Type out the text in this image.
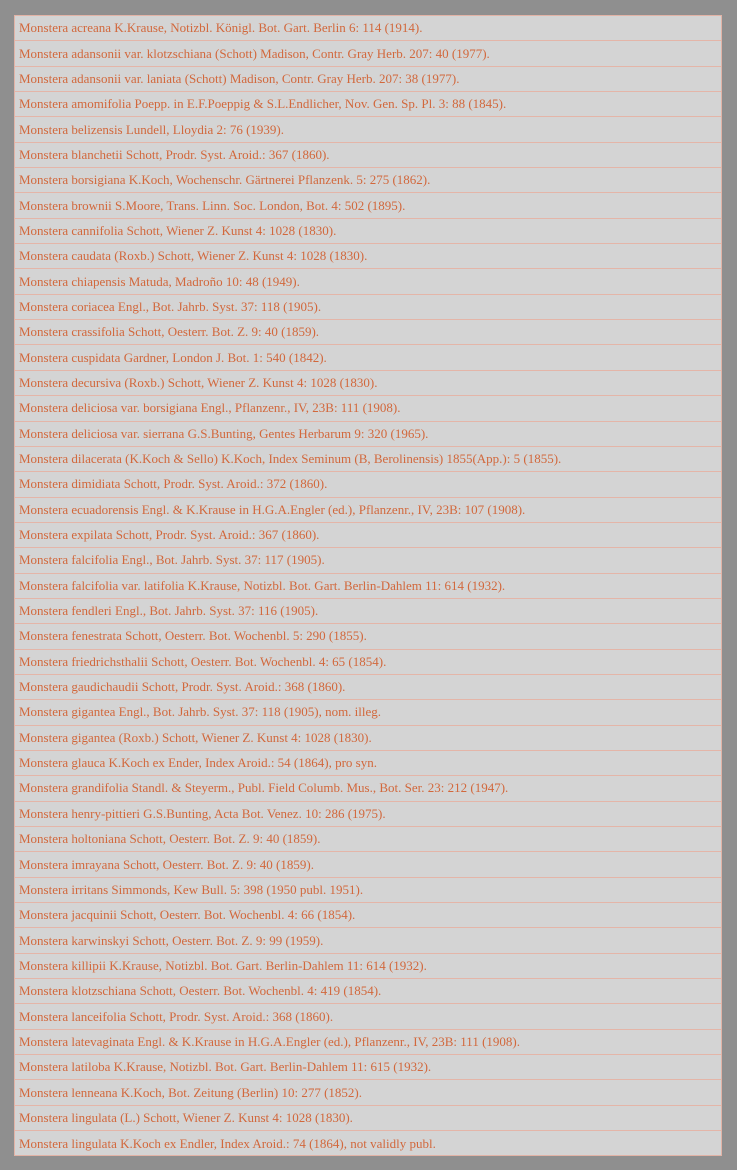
Monstera acreana K.Krause, Notizbl. Königl. Bot. Gart. Berlin 6: 114 (1914).
Monstera adansonii var. klotzschiana (Schott) Madison, Contr. Gray Herb. 207: 40 (1977).
Monstera adansonii var. laniata (Schott) Madison, Contr. Gray Herb. 207: 38 (1977).
Monstera amomifolia Poepp. in E.F.Poeppig & S.L.Endlicher, Nov. Gen. Sp. Pl. 3: 88 (1845).
Monstera belizensis Lundell, Lloydia 2: 76 (1939).
Monstera blanchetii Schott, Prodr. Syst. Aroid.: 367 (1860).
Monstera borsigiana K.Koch, Wochenschr. Gärtnerei Pflanzenk. 5: 275 (1862).
Monstera brownii S.Moore, Trans. Linn. Soc. London, Bot. 4: 502 (1895).
Monstera cannifolia Schott, Wiener Z. Kunst 4: 1028 (1830).
Monstera caudata (Roxb.) Schott, Wiener Z. Kunst 4: 1028 (1830).
Monstera chiapensis Matuda, Madroño 10: 48 (1949).
Monstera coriacea Engl., Bot. Jahrb. Syst. 37: 118 (1905).
Monstera crassifolia Schott, Oesterr. Bot. Z. 9: 40 (1859).
Monstera cuspidata Gardner, London J. Bot. 1: 540 (1842).
Monstera decursiva (Roxb.) Schott, Wiener Z. Kunst 4: 1028 (1830).
Monstera deliciosa var. borsigiana Engl., Pflanzenr., IV, 23B: 111 (1908).
Monstera deliciosa var. sierrana G.S.Bunting, Gentes Herbarum 9: 320 (1965).
Monstera dilacerata (K.Koch & Sello) K.Koch, Index Seminum (B, Berolinensis) 1855(App.): 5 (1855).
Monstera dimidiata Schott, Prodr. Syst. Aroid.: 372 (1860).
Monstera ecuadorensis Engl. & K.Krause in H.G.A.Engler (ed.), Pflanzenr., IV, 23B: 107 (1908).
Monstera expilata Schott, Prodr. Syst. Aroid.: 367 (1860).
Monstera falcifolia Engl., Bot. Jahrb. Syst. 37: 117 (1905).
Monstera falcifolia var. latifolia K.Krause, Notizbl. Bot. Gart. Berlin-Dahlem 11: 614 (1932).
Monstera fendleri Engl., Bot. Jahrb. Syst. 37: 116 (1905).
Monstera fenestrata Schott, Oesterr. Bot. Wochenbl. 5: 290 (1855).
Monstera friedrichsthalii Schott, Oesterr. Bot. Wochenbl. 4: 65 (1854).
Monstera gaudichaudii Schott, Prodr. Syst. Aroid.: 368 (1860).
Monstera gigantea Engl., Bot. Jahrb. Syst. 37: 118 (1905), nom. illeg.
Monstera gigantea (Roxb.) Schott, Wiener Z. Kunst 4: 1028 (1830).
Monstera glauca K.Koch ex Ender, Index Aroid.: 54 (1864), pro syn.
Monstera grandifolia Standl. & Steyerm., Publ. Field Columb. Mus., Bot. Ser. 23: 212 (1947).
Monstera henry-pittieri G.S.Bunting, Acta Bot. Venez. 10: 286 (1975).
Monstera holtoniana Schott, Oesterr. Bot. Z. 9: 40 (1859).
Monstera imrayana Schott, Oesterr. Bot. Z. 9: 40 (1859).
Monstera irritans Simmonds, Kew Bull. 5: 398 (1950 publ. 1951).
Monstera jacquinii Schott, Oesterr. Bot. Wochenbl. 4: 66 (1854).
Monstera karwinskyi Schott, Oesterr. Bot. Z. 9: 99 (1959).
Monstera killipii K.Krause, Notizbl. Bot. Gart. Berlin-Dahlem 11: 614 (1932).
Monstera klotzschiana Schott, Oesterr. Bot. Wochenbl. 4: 419 (1854).
Monstera lanceifolia Schott, Prodr. Syst. Aroid.: 368 (1860).
Monstera latevaginata Engl. & K.Krause in H.G.A.Engler (ed.), Pflanzenr., IV, 23B: 111 (1908).
Monstera latiloba K.Krause, Notizbl. Bot. Gart. Berlin-Dahlem 11: 615 (1932).
Monstera lenneana K.Koch, Bot. Zeitung (Berlin) 10: 277 (1852).
Monstera lingulata (L.) Schott, Wiener Z. Kunst 4: 1028 (1830).
Monstera lingulata K.Koch ex Endler, Index Aroid.: 74 (1864), not validly publ.
